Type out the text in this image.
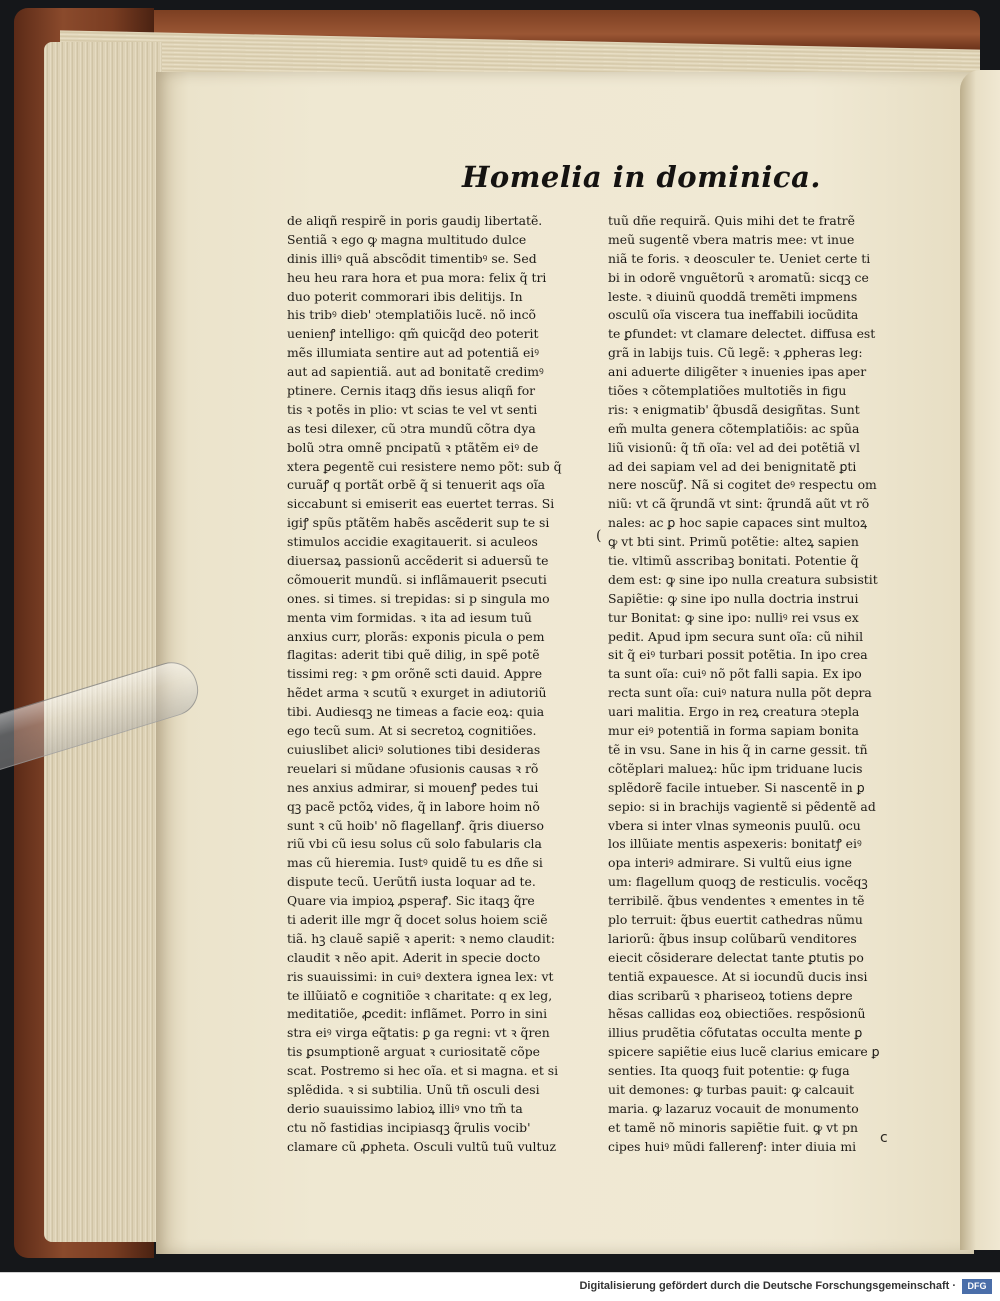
Homelia in dominica.
de aliqñ respirẽ in poris gaudiȷ libertatẽ.
Sentiã ꝛ ego ꝙ magna multitudo dulce
dinis illiꝰ quã abscõdit timentibꝰ se. Sed
heu heu rara hora et pua mora: felix q̃ tri
duo poterit commorari ibis delitijs. In
his tribꝰ dieb' ↄtemplatiõis lucẽ. nõ incõ
uenienꝭ intelligo: qm̃ quicq̃d deo poterit
mẽs illumiata sentire aut ad potentiã eiꝰ
aut ad sapientiã. aut ad bonitatẽ credimꝰ
ptinere. Cernis itaqꝫ dñs iesus aliqñ for
tis ꝛ potẽs in plio: vt scias te vel vt senti
as tesi dilexer, cũ ↄtra mundũ cõtra dya
bolũ ↄtra omnẽ pncipatũ ꝛ ptãtẽm eiꝰ de
xtera ꝑegentẽ cui resistere nemo põt: sub q̃
curuãꝭ q portãt orbẽ q̃ si tenuerit aqs oĩa
siccabunt si emiserit eas euertet terras. Si
igiꝭ spũs ptãtẽm habẽs ascẽderit sup te si
stimulos accidie exagitauerit. si aculeos
diuersaꝝ passionũ accẽderit si aduersũ te
cõmouerit mundũ. si inflãmauerit psecuti
ones. si times. si trepidas: si p singula mo
menta vim formidas. ꝛ ita ad iesum tuũ
anxius curr, plorãs: exponis picula o pem
flagitas: aderit tibi quẽ dilig, in spẽ potẽ
tissimi reg: ꝛ ꝑm orõnẽ scti dauid. Appre
hẽdet arma ꝛ scutũ ꝛ exurget in adiutoriũ
tibi. Audiesqꝫ ne timeas a facie eoꝝ: quia
ego tecũ sum. At si secretoꝝ cognitiões.
cuiuslibet aliciꝰ solutiones tibi desideras
reuelari si mũdane ↄfusionis causas ꝛ rõ
nes anxius admirar, si mouenꝭ pedes tui
qꝫ pacẽ pctõꝝ vides, q̃ in labore hoim nõ
sunt ꝛ cũ hoib' nõ flagellanꝭ. q̃ris diuerso
riũ vbi cũ iesu solus cũ solo fabularis cla
mas cũ hieremia. Iustꝰ quidẽ tu es dñe si
dispute tecũ. Uerũtñ iusta loquar ad te.
Quare via impioꝝ ꝓsperaꝭ. Sic itaqꝫ q̃re
ti aderit ille mgr q̃ docet solus hoiem sciẽ
tiã. hꝫ clauẽ sapiẽ ꝛ aperit: ꝛ nemo claudit:
claudit ꝛ nẽo apit. Aderit in specie docto
ris suauissimi: in cuiꝰ dextera ignea lex: vt
te illũiatõ e cognitiõe ꝛ charitate: q ex leg,
meditatiõe, ꝓcedit: inflãmet. Porro in sini
stra eiꝰ virga eq̃tatis: ꝑ ga regni: vt ꝛ q̃ren
tis ꝑsumptionẽ arguat ꝛ curiositatẽ cõpe
scat. Postremo si hec oĩa. et si magna. et si
splẽdida. ꝛ si subtilia. Unũ tñ osculi desi
derio suauissimo labioꝝ illiꝰ vno tm̃ ta
ctu nõ fastidias incipiasqꝫ q̃rulis vocib'
clamare cũ ꝓpheta. Osculi vultũ tuũ vultuz
tuũ dñe requirã. Quis mihi det te fratrẽ
meũ sugentẽ vbera matris mee: vt inue
niã te foris. ꝛ deosculer te. Ueniet certe ti
bi in odorẽ vnguẽtorũ ꝛ aromatũ: sicqꝫ ce
leste. ꝛ diuinũ quoddã tremẽti impmens
osculũ oĩa viscera tua ineffabili iocũdita
te ꝑfundet: vt clamare delectet. diffusa est
grã in labijs tuis. Cũ legẽ: ꝛ ꝓpheras leg:
ani aduerte diligẽter ꝛ inuenies ipas aper
tiões ꝛ cõtemplatiões multotiẽs in figu
ris: ꝛ enigmatib' q̃busdã desigñtas. Sunt
em̃ multa genera cõtemplatiõis: ac spũa
liũ visionũ: q̃ tñ oĩa: vel ad dei potẽtiã vl
ad dei sapiam vel ad dei benignitatẽ ꝑti
nere noscũꝭ. Nã si cogitet deꝰ respectu om
niũ: vt cã q̃rundã vt sint: q̃rundã aũt vt rõ
nales: ac ꝑ hoc sapie capaces sint multoꝝ
ꝙ vt bti sint. Primũ potẽtie: alteꝝ sapien
tie. vltimũ asscribaꝫ bonitati. Potentie q̃
dem est: ꝙ sine ipo nulla creatura subsistit
Sapiẽtie: ꝙ sine ipo nulla doctria instrui
tur Bonitat: ꝙ sine ipo: nulliꝰ rei vsus ex
pedit. Apud ipm secura sunt oĩa: cũ nihil
sit q̃ eiꝰ turbari possit potẽtia. In ipo crea
ta sunt oĩa: cuiꝰ nõ põt falli sapia. Ex ipo
recta sunt oĩa: cuiꝰ natura nulla põt depra
uari malitia. Ergo in reꝝ creatura ↄtepla
mur eiꝰ potentiã in forma sapiam bonita
tẽ in vsu. Sane in his q̃ in carne gessit. tñ
cõtẽplari malueꝝ: hũc ipm triduane lucis
splẽdorẽ facile intueber. Si nascentẽ in ꝑ
sepio: si in brachijs vagientẽ si pẽdentẽ ad
vbera si inter vlnas symeonis puulũ. ocu
los illũiate mentis aspexeris: bonitatꝭ eiꝰ
opa interiꝰ admirare. Si vultũ eius igne
um: flagellum quoqꝫ de resticulis. vocẽqꝫ
terribilẽ. q̃bus vendentes ꝛ ementes in tẽ
plo terruit: q̃bus euertit cathedras nũmu
lariorũ: q̃bus insup colũbarũ venditores
eiecit cõsiderare delectat tante ꝑtutis po
tentiã expauesce. At si iocundũ ducis insi
dias scribarũ ꝛ phariseoꝝ totiens depre
hẽsas callidas eoꝝ obiectiões. respõsionũ
illius prudẽtia cõfutatas occulta mente ꝑ
spicere sapiẽtie eius lucẽ clarius emicare ꝑ
senties. Ita quoqꝫ fuit potentie: ꝙ fuga
uit demones: ꝙ turbas pauit: ꝙ calcauit
maria. ꝙ lazaruz vocauit de monumento
et tamẽ nõ minoris sapiẽtie fuit. ꝙ vt pn
cipes huiꝰ mũdi fallerenꝭ: inter diuia mi
(
c
Digitalisierung gefördert durch die Deutsche Forschungsgemeinschaft ·	DFG
